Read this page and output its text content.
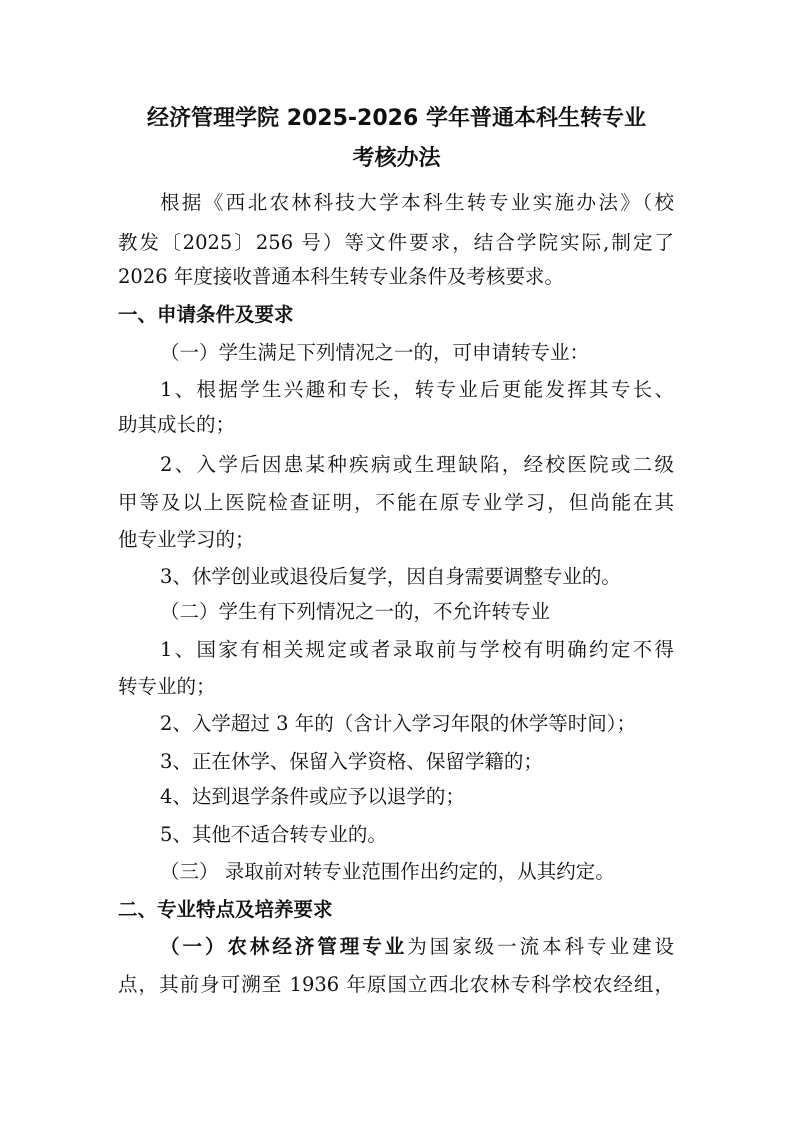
经济管理学院 2025-2026 学年普通本科生转专业
考核办法
根据《西北农林科技大学本科生转专业实施办法》（校
教发〔2025〕256 号）等文件要求，结合学院实际,制定了
2026 年度接收普通本科生转专业条件及考核要求。
一、申请条件及要求
（一）学生满足下列情况之一的，可申请转专业：
1、根据学生兴趣和专长，转专业后更能发挥其专长、
助其成长的；
2、入学后因患某种疾病或生理缺陷，经校医院或二级
甲等及以上医院检查证明，不能在原专业学习，但尚能在其
他专业学习的；
3、休学创业或退役后复学，因自身需要调整专业的。
（二）学生有下列情况之一的，不允许转专业
1、国家有相关规定或者录取前与学校有明确约定不得
转专业的；
2、入学超过 3 年的（含计入学习年限的休学等时间）；
3、正在休学、保留入学资格、保留学籍的；
4、达到退学条件或应予以退学的；
5、其他不适合转专业的。
（三） 录取前对转专业范围作出约定的，从其约定。
二、专业特点及培养要求
（一）农林经济管理专业为国家级一流本科专业建设
点，其前身可溯至 1936 年原国立西北农林专科学校农经组，
